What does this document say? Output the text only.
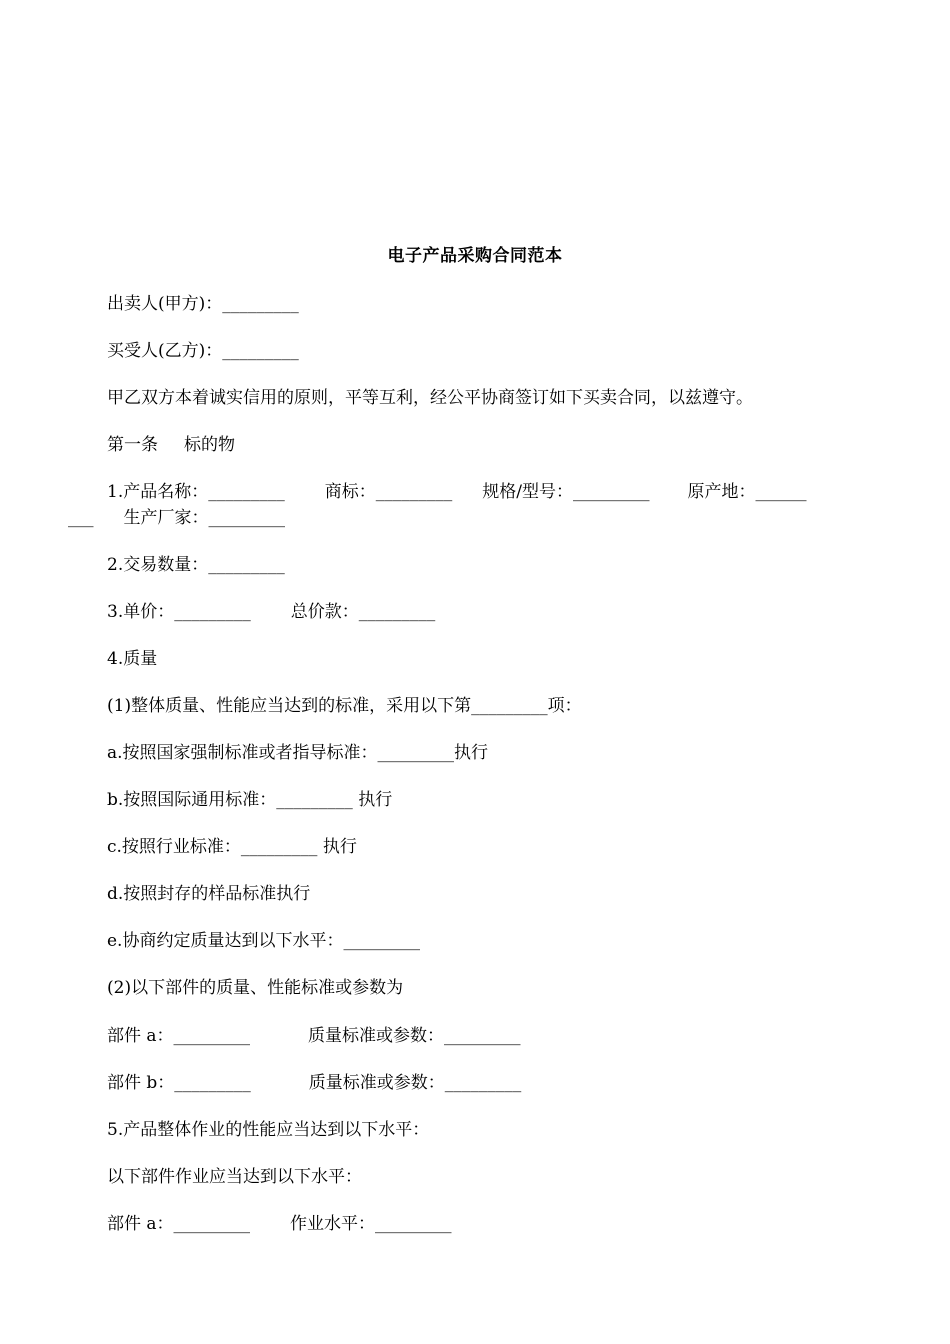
电子产品采购合同范本
出卖人(甲方)：_________
买受人(乙方)：_________
甲乙双方本着诚实信用的原则，平等互利，经公平协商签订如下买卖合同，以兹遵守。
第一条 标的物
1.产品名称：_________ 商标：_________ 规格/型号：_________ 原产地：______
___ 生产厂家：_________
2.交易数量：_________
3.单价：_________ 总价款：_________
4.质量
(1)整体质量、性能应当达到的标准，采用以下第_________项：
a.按照国家强制标准或者指导标准：_________执行
b.按照国际通用标准：_________ 执行
c.按照行业标准：_________ 执行
d.按照封存的样品标准执行
e.协商约定质量达到以下水平：_________
(2)以下部件的质量、性能标准或参数为
部件 a：_________	质量标准或参数：_________
部件 b：_________	质量标准或参数：_________
5.产品整体作业的性能应当达到以下水平：
以下部件作业应当达到以下水平：
部件 a：_________ 作业水平：_________
